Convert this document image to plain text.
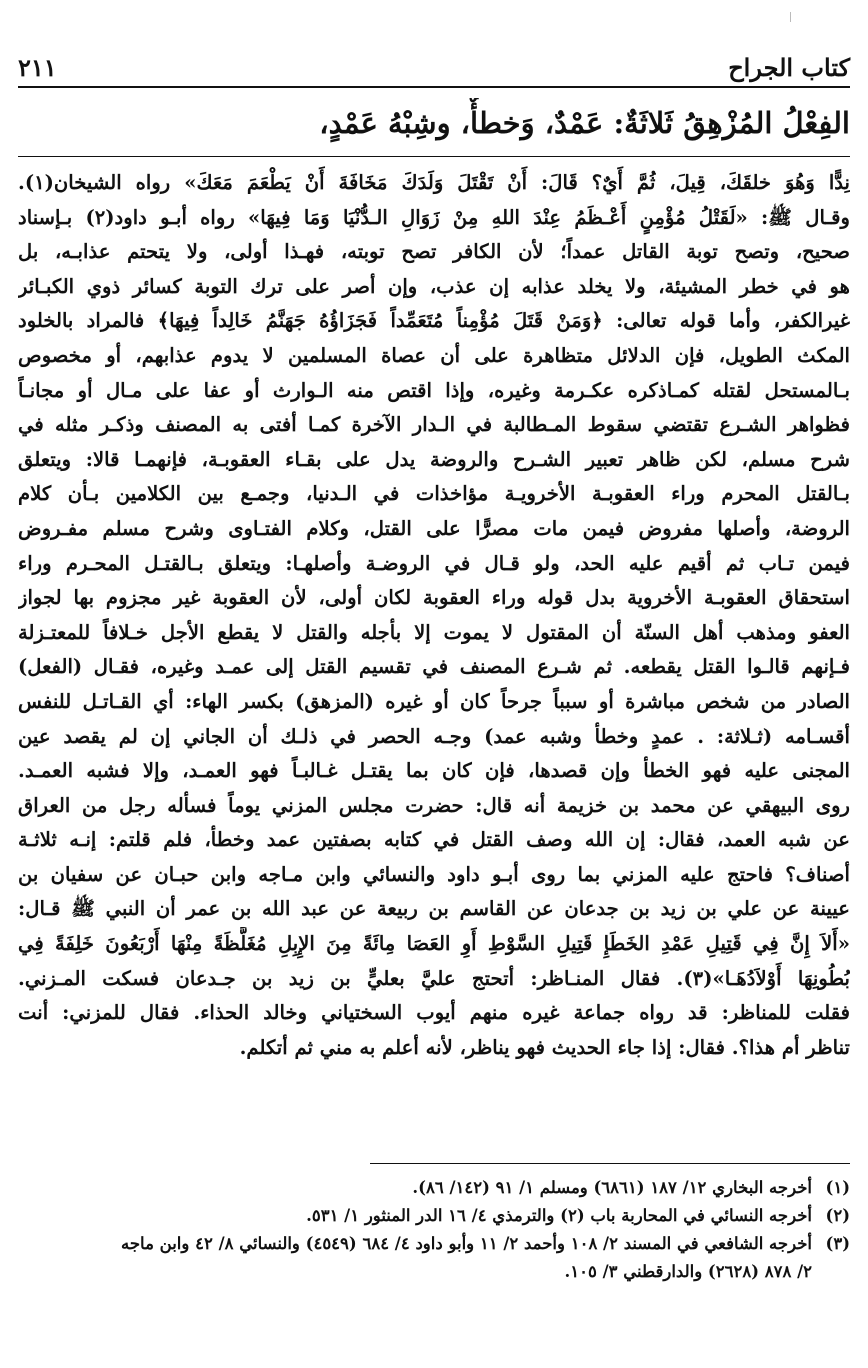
كتاب الجراح
٢١١
الفِعْلُ المُزْهِقُ ثَلاثَةٌ: عَمْدٌ، وَخطأٌ، وشِبْهُ عَمْدٍ،
نِدًّا وَهُوَ خلقَكَ، قِيلَ، ثُمَّ أَيٌ؟ قَالَ: أَنْ تَقْتَلَ وَلَدَكَ مَخَافَةَ أَنْ يَطْعَمَ مَعَكَ» رواه الشيخان(١).
وقـال ﷺ: «لَقَتْلُ مُؤْمِنٍ أَعْـظَمُ عِنْدَ اللهِ مِنْ زَوَالِ الـدُّنْيَا وَمَا فِيهَا» رواه أبـو داود(٢) بـإسناد
صحيح، وتصح توبة القاتل عمداً؛ لأن الكافر تصح توبته، فهـذا أولى، ولا يتحتم عذابـه، بل
هو في خطر المشيئة، ولا يخلد عذابه إن عذب، وإن أصر على ترك التوبة كسائر ذوي الكبـائر
غيرالكفر، وأما قوله تعالى: ﴿وَمَنْ قَتَلَ مُؤْمِناً مُتَعَمِّداً فَجَزَاؤُهُ جَهَنَّمُ خَالِداً فِيهَا﴾ فالمراد بالخلود
المكث الطويل، فإن الدلائل متظاهرة على أن عصاة المسلمين لا يدوم عذابهم، أو مخصوص
بـالمستحل لقتله كمـاذكره عكـرمة وغيره، وإذا اقتص منه الـوارث أو عفا على مـال أو مجانـاً
فظواهر الشـرع تقتضي سقوط المـطالبة في الـدار الآخرة كمـا أفتى به المصنف وذكـر مثله في
شرح مسلم، لكن ظاهر تعبير الشـرح والروضة يدل على بقـاء العقوبـة، فإنهمـا قالا: ويتعلق
بـالقتل المحرم وراء العقوبـة الأخرويـة مؤاخذات في الـدنيا، وجمـع بين الكلامين بـأن كلام
الروضة، وأصلها مفروض فيمن مات مصرًّا على القتل، وكلام الفتـاوى وشرح مسلم مفـروض
فيمن تـاب ثم أقيم عليه الحد، ولو قـال في الروضـة وأصلهـا: ويتعلق بـالقتـل المحـرم وراء
استحقاق العقوبـة الأخروية بدل قوله وراء العقوبة لكان أولى، لأن العقوبة غير مجزوم بها لجواز
العفو ومذهب أهل السنّة أن المقتول لا يموت إلا بأجله والقتل لا يقطع الأجل خـلافاً للمعتـزلة
فـإنهم قالـوا القتل يقطعه. ثم شـرع المصنف في تقسيم القتل إلى عمـد وغيره، فقـال (الفعل)
الصادر من شخص مباشرة أو سبباً جرحاً كان أو غيره (المزهق) بكسر الهاء: أي القـاتـل للنفس
أقسـامه (ثـلاثة: . عمدٍ وخطأ وشبه عمد) وجـه الحصر في ذلـك أن الجاني إن لم يقصد عين
المجنى عليه فهو الخطأ وإن قصدها، فإن كان بما يقتـل غـالبـاً فهو العمـد، وإلا فشبه العمـد.
روى البيهقي عن محمد بن خزيمة أنه قال: حضرت مجلس المزني يوماً فسأله رجل من العراق
عن شبه العمد، فقال: إن الله وصف القتل في كتابه بصفتين عمد وخطأ، فلم قلتم: إنـه ثلاثـة
أصناف؟ فاحتج عليه المزني بما روى أبـو داود والنسائي وابن مـاجه وابن حبـان عن سفيان بن
عيينة عن علي بن زيد بن جدعان عن القاسم بن ربيعة عن عبد الله بن عمر أن النبي ﷺ قـال:
«أَلاَ إِنَّ فِي قَتِيلِ عَمْدِ الخَطَإِ قَتِيلِ السَّوْطِ أَوِ العَصَا مِائَةً مِنَ الإِبِلِ مُغَلَّظَةً مِنْهَا أَرْبَعُونَ خَلِفَةً فِي
بُطُونِهَا أَوْلاَدُهَـا»(٣). فقال المنـاظر: أتحتج عليَّ بعليٍّ بن زيد بن جـدعان فسكت المـزني.
فقلت للمناظر: قد رواه جماعة غيره منهم أيوب السختياني وخالد الحذاء. فقال للمزني: أنت
تناظر أم هذا؟. فقال: إذا جاء الحديث فهو يناظر، لأنه أعلم به مني ثم أتكلم.
(١)
أخرجه البخاري ١٢/ ١٨٧ (٦٨٦١) ومسلم ١/ ٩١ (١٤٢/ ٨٦).
(٢)
أخرجه النسائي في المحاربة باب (٢) والترمذي ٤/ ١٦ الدر المنثور ١/ ٥٣١.
(٣)
أخرجه الشافعي في المسند ٢/ ١٠٨ وأحمد ٢/ ١١ وأبو داود ٤/ ٦٨٤ (٤٥٤٩) والنسائي ٨/ ٤٢ وابن ماجه
٢/ ٨٧٨ (٢٦٢٨) والدارقطني ٣/ ١٠٥.
